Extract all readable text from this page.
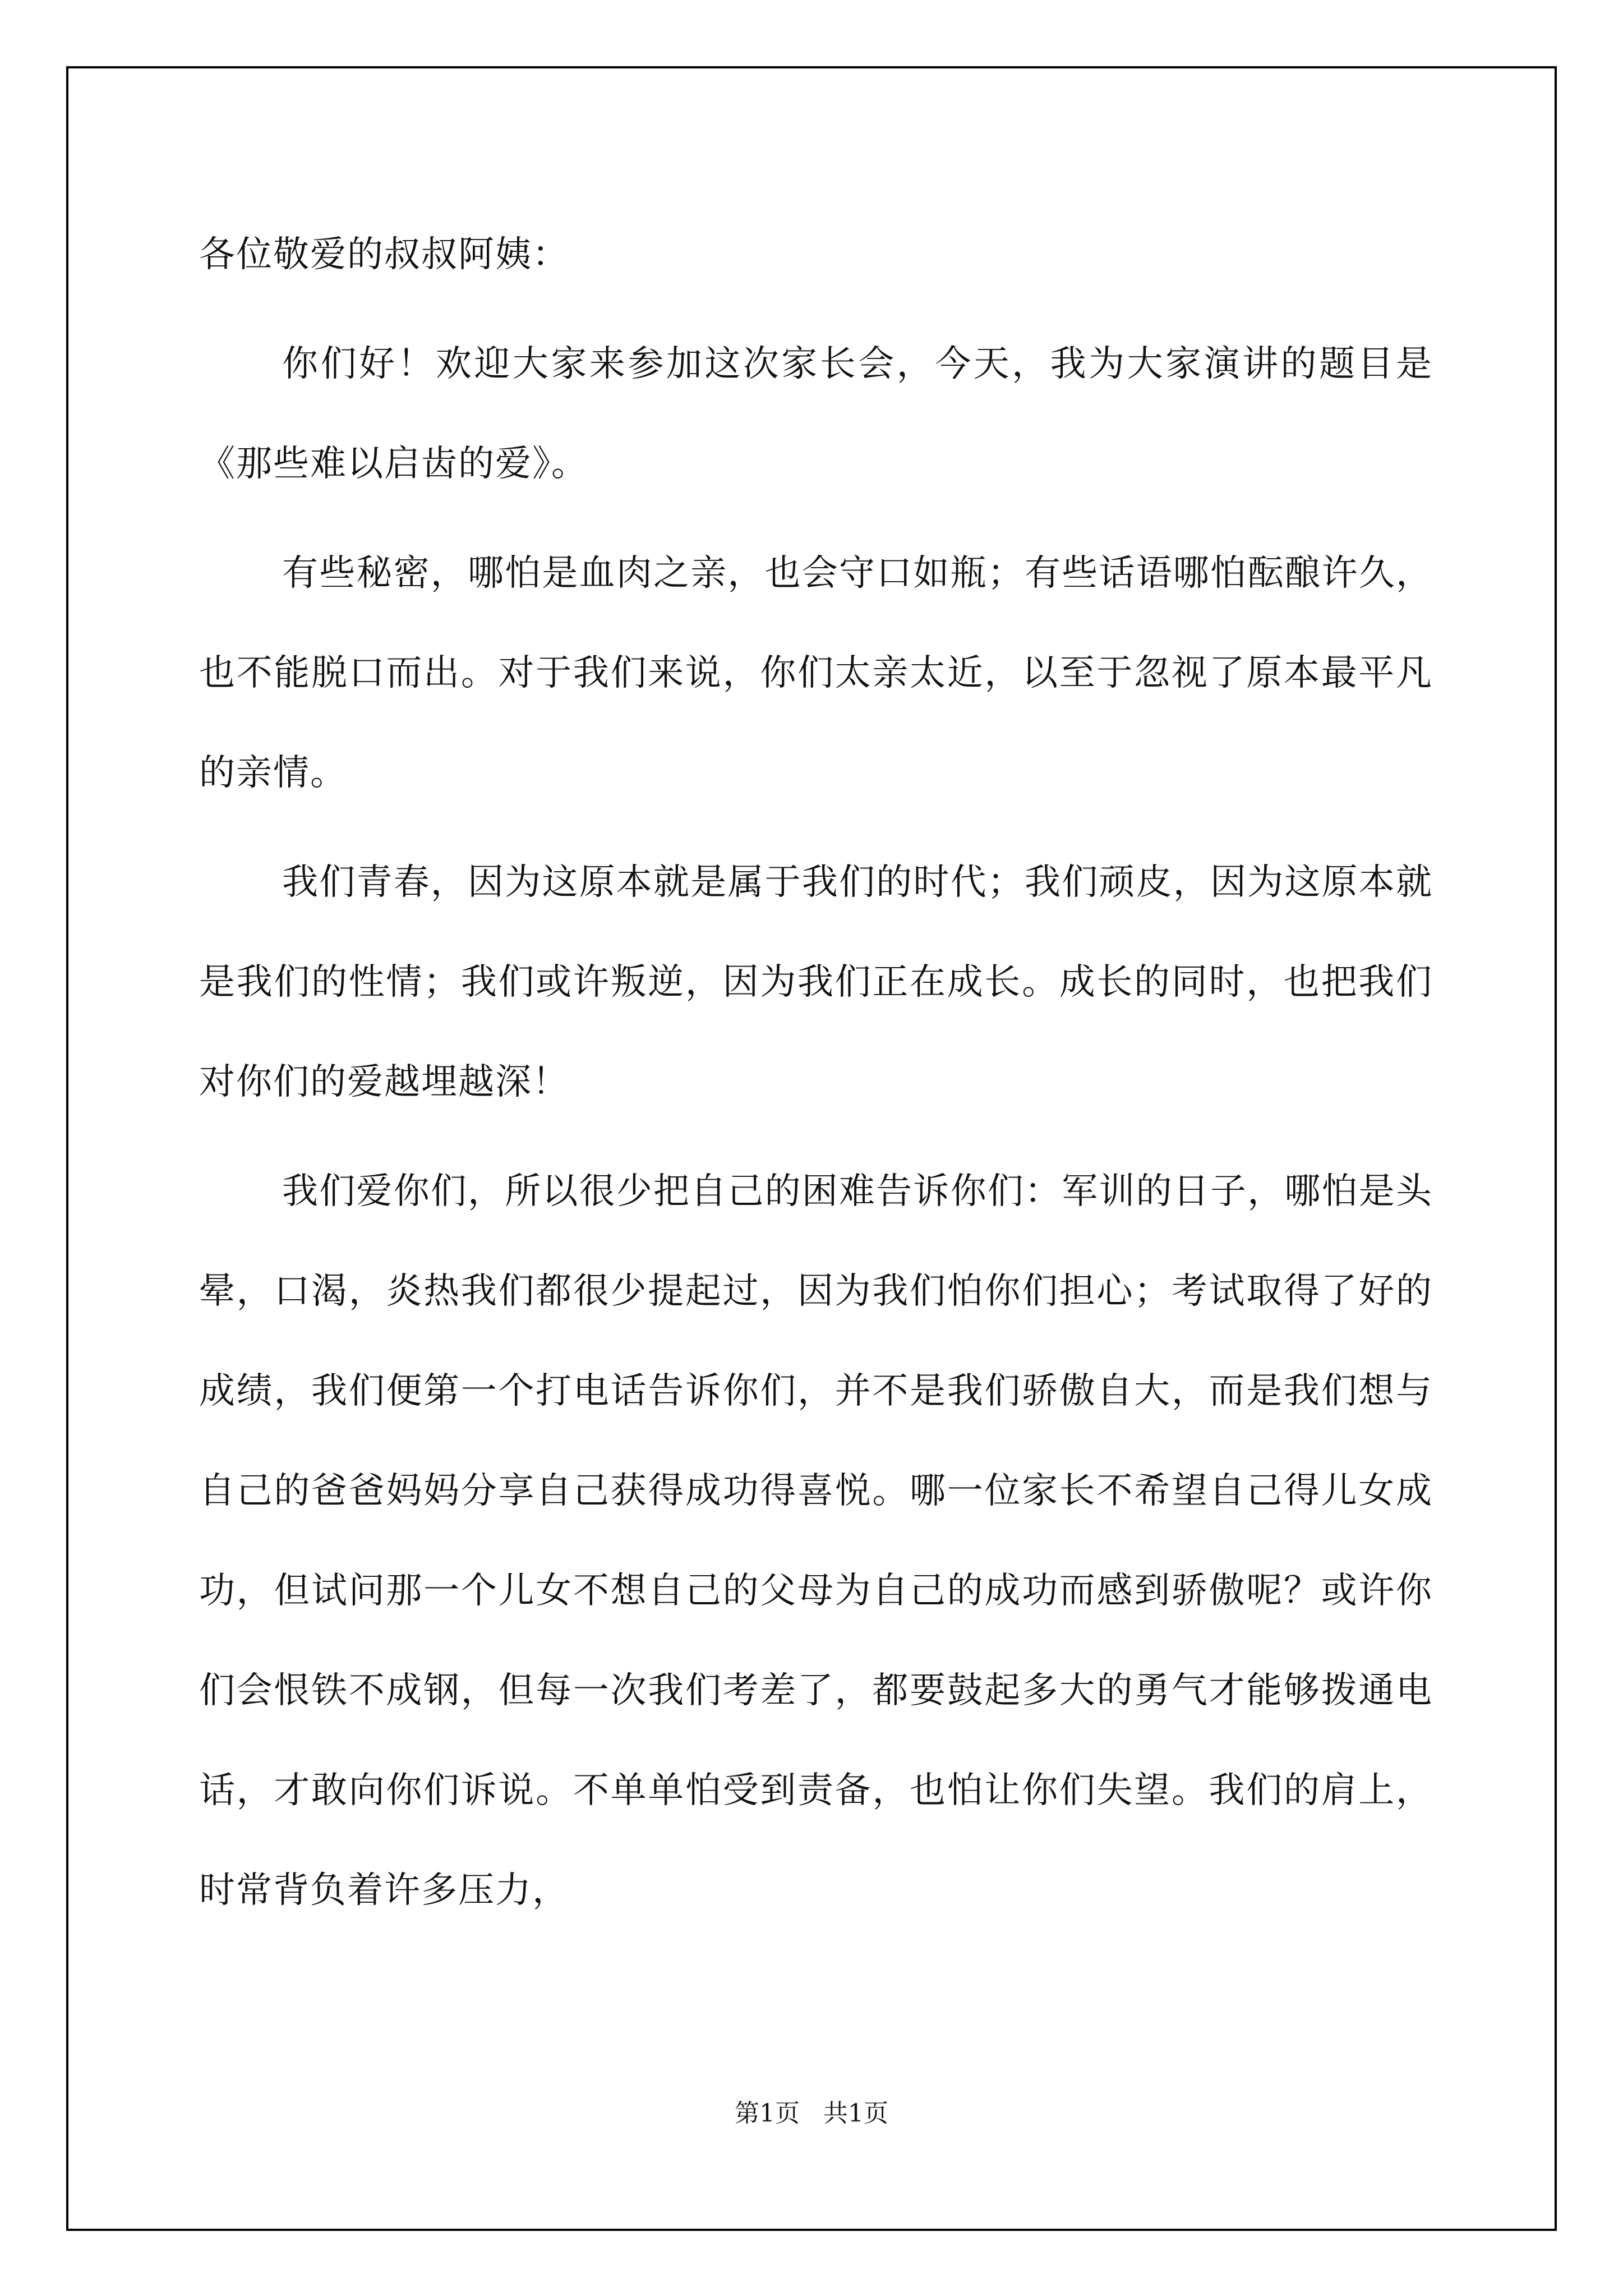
各位敬爱的叔叔阿姨：

你们好！欢迎大家来参加这次家长会，今天，我为大家演讲的题目是《那些难以启齿的爱》。

有些秘密，哪怕是血肉之亲，也会守口如瓶；有些话语哪怕酝酿许久，也不能脱口而出。对于我们来说，你们太亲太近，以至于忽视了原本最平凡的亲情。

我们青春，因为这原本就是属于我们的时代；我们顽皮，因为这原本就是我们的性情；我们或许叛逆，因为我们正在成长。成长的同时，也把我们对你们的爱越埋越深！

我们爱你们，所以很少把自己的困难告诉你们：军训的日子，哪怕是头晕，口渴，炎热我们都很少提起过，因为我们怕你们担心；考试取得了好的成绩，我们便第一个打电话告诉你们，并不是我们骄傲自大，而是我们想与自己的爸爸妈妈分享自己获得成功得喜悦。哪一位家长不希望自己得儿女成功，但试问那一个儿女不想自己的父母为自己的成功而感到骄傲呢？或许你们会恨铁不成钢，但每一次我们考差了，都要鼓起多大的勇气才能够拨通电话，才敢向你们诉说。不单单怕受到责备，也怕让你们失望。我们的肩上，时常背负着许多压力，

第1页   共1页
